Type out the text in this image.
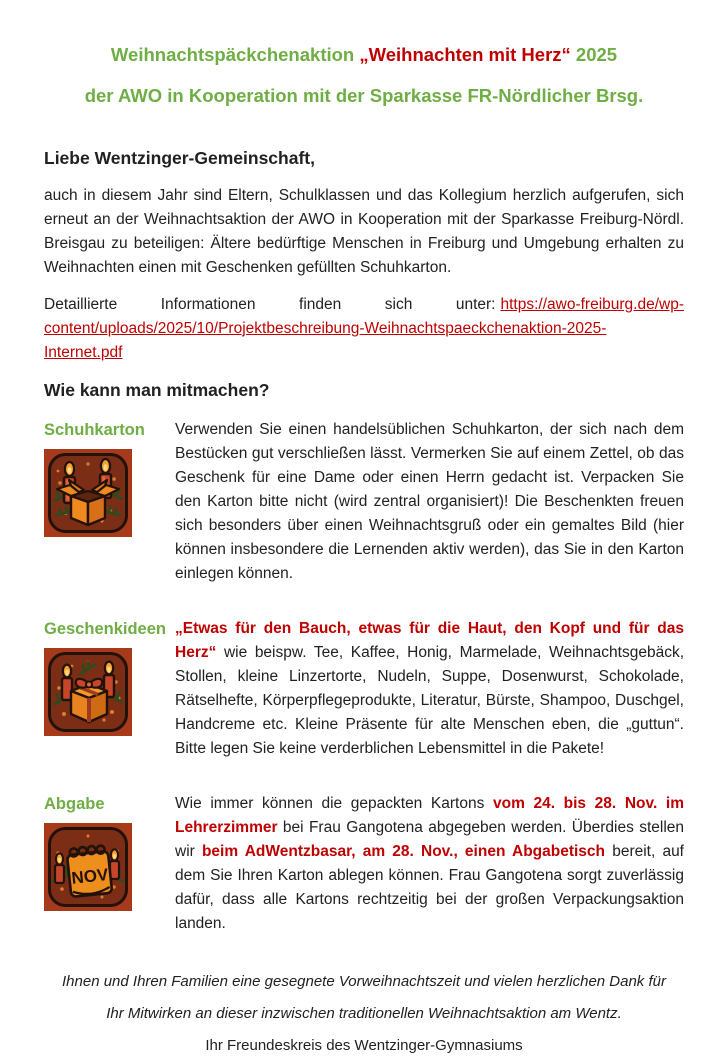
Weihnachtspäckchenaktion „Weihnachten mit Herz“ 2025
der AWO in Kooperation mit der Sparkasse FR-Nördlicher Brsg.
Liebe Wentzinger-Gemeinschaft,

auch in diesem Jahr sind Eltern, Schulklassen und das Kollegium herzlich aufgerufen, sich erneut an der Weihnachtsaktion der AWO in Kooperation mit der Sparkasse Freiburg-Nördl. Breisgau zu beteiligen: Ältere bedürftige Menschen in Freiburg und Umgebung erhalten zu Weihnachten einen mit Geschenken gefüllten Schuhkarton.

Detaillierte Informationen finden sich unter: https://awo-freiburg.de/wp-content/uploads/2025/10/Projektbeschreibung-Weihnachtspaeckchenaktion-2025-Internet.pdf

Wie kann man mitmachen?
Schuhkarton	Verwenden Sie einen handelsüblichen Schuhkarton, der sich nach dem Bestücken gut verschließen lässt. Vermerken Sie auf einem Zettel, ob das Geschenk für eine Dame oder einen Herrn gedacht ist. Verpacken Sie den Karton bitte nicht (wird zentral organisiert)! Die Beschenkten freuen sich besonders über einen Weihnachtsgruß oder ein gemaltes Bild (hier können insbesondere die Lernenden aktiv werden), das Sie in den Karton einlegen können.
Geschenkideen „Etwas für den Bauch, etwas für die Haut, den Kopf und für das Herz“ wie beispw. Tee, Kaffee, Honig, Marmelade, Weihnachtsgebäck, Stollen, kleine Linzertorte, Nudeln, Suppe, Dosenwurst, Schokolade, Rätselhefte, Körperpflegeprodukte, Literatur, Bürste, Shampoo, Duschgel, Handcreme etc. Kleine Präsente für alte Menschen eben, die „guttun“. Bitte legen Sie keine verderblichen Lebensmittel in die Pakete!
Abgabe
NOV
Wie immer können die gepackten Kartons vom 24. bis 28. Nov. im Lehrerzimmer bei Frau Gangotena abgegeben werden. Überdies stellen wir beim AdWentzbasar, am 28. Nov., einen Abgabetisch bereit, auf dem Sie Ihren Karton ablegen können. Frau Gangotena sorgt zuverlässig dafür, dass alle Kartons rechtzeitig bei der großen Verpackungsaktion landen.

Ihnen und Ihren Familien eine gesegnete Vorweihnachtszeit und vielen herzlichen Dank für

Ihr Mitwirken an dieser inzwischen traditionellen Weihnachtsaktion am Wentz.

Ihr Freundeskreis des Wentzinger-Gymnasiums
